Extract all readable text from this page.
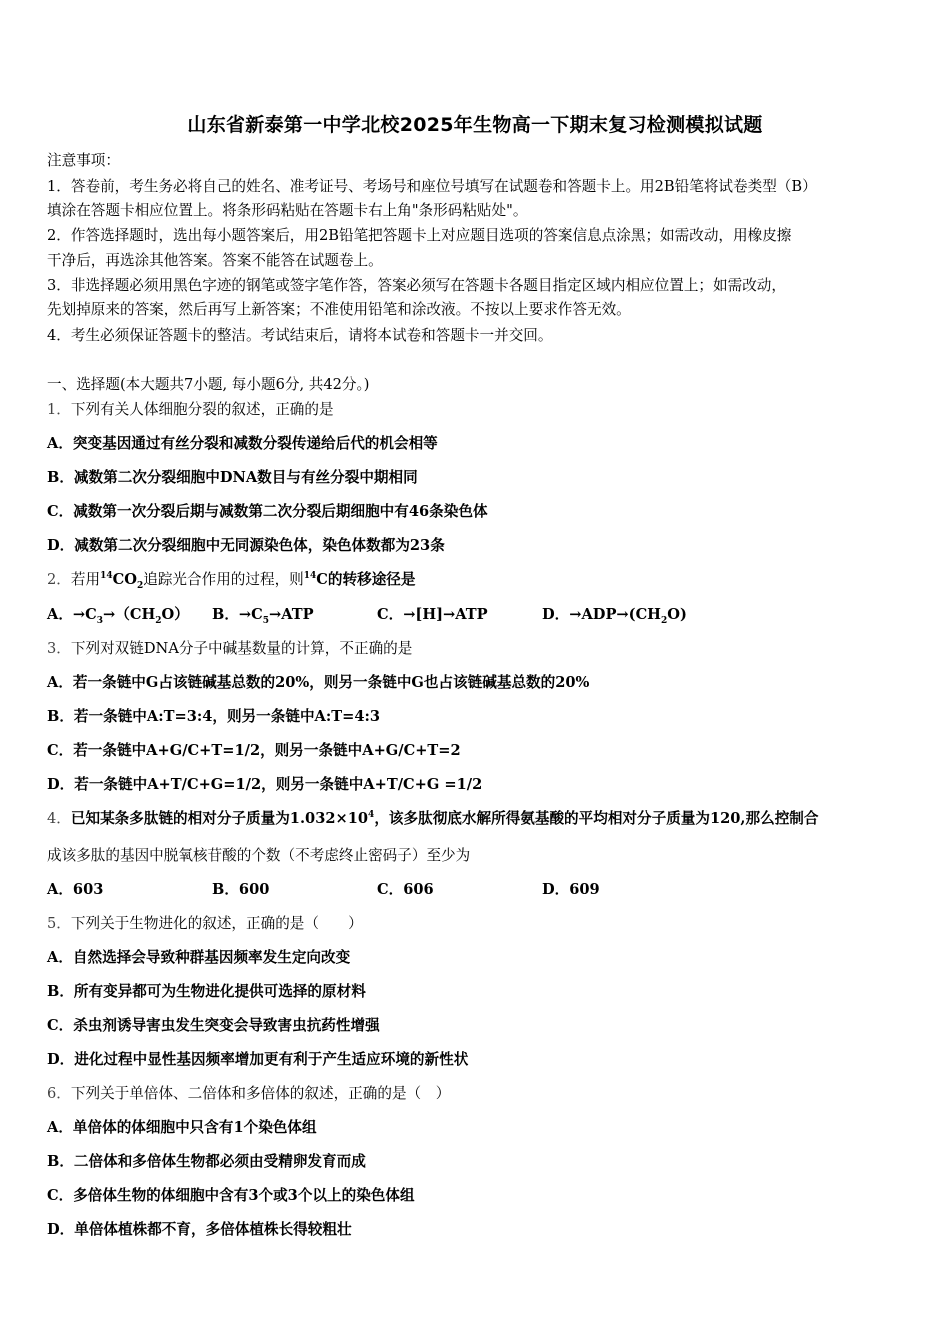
山东省新泰第一中学北校2025年生物高一下期末复习检测模拟试题
注意事项：
1．答卷前，考生务必将自己的姓名、准考证号、考场号和座位号填写在试题卷和答题卡上。用2B铅笔将试卷类型（B）
填涂在答题卡相应位置上。将条形码粘贴在答题卡右上角"条形码粘贴处"。
2．作答选择题时，选出每小题答案后，用2B铅笔把答题卡上对应题目选项的答案信息点涂黑；如需改动，用橡皮擦
干净后，再选涂其他答案。答案不能答在试题卷上。
3．非选择题必须用黑色字迹的钢笔或签字笔作答，答案必须写在答题卡各题目指定区域内相应位置上；如需改动，
先划掉原来的答案，然后再写上新答案；不准使用铅笔和涂改液。不按以上要求作答无效。
4．考生必须保证答题卡的整洁。考试结束后，请将本试卷和答题卡一并交回。
一、选择题(本大题共7小题, 每小题6分, 共42分。)
1．下列有关人体细胞分裂的叙述，正确的是
A．突变基因通过有丝分裂和减数分裂传递给后代的机会相等
B．减数第二次分裂细胞中DNA数目与有丝分裂中期相同
C．减数第一次分裂后期与减数第二次分裂后期细胞中有46条染色体
D．减数第二次分裂细胞中无同源染色体，染色体数都为23条
2．若用$^{14}CO_2$追踪光合作用的过程，则$^{14}$C的转移途径是
A．$\to C_3\to(CH_2O)$ B．$\to C_5\to ATP$	C．→[H]→ATP	D．$\to ADP\to(CH_2O)$
3．下列对双链DNA分子中碱基数量的计算，不正确的是
A．若一条链中G占该链碱基总数的20%，则另一条链中G也占该链碱基总数的20%
B．若一条链中A:T=3:4，则另一条链中A:T=4:3
C．若一条链中A+G/C+T=1/2，则另一条链中A+G/C+T=2
D．若一条链中A+T/C+G=1/2，则另一条链中A+T/C+G =1/2
4．已知某条多肽链的相对分子质量为$1.032\times 10^4$，该多肽彻底水解所得氨基酸的平均相对分子质量为120,那么控制合
成该多肽的基因中脱氧核苷酸的个数（不考虑终止密码子）至少为
A．603	B．600	C．606	D．609
5．下列关于生物进化的叙述，正确的是（　　）
A．自然选择会导致种群基因频率发生定向改变
B．所有变异都可为生物进化提供可选择的原材料
C．杀虫剂诱导害虫发生突变会导致害虫抗药性增强
D．进化过程中显性基因频率增加更有利于产生适应环境的新性状
6．下列关于单倍体、二倍体和多倍体的叙述，正确的是（　）
A．单倍体的体细胞中只含有1个染色体组
B．二倍体和多倍体生物都必须由受精卵发育而成
C．多倍体生物的体细胞中含有3个或3个以上的染色体组
D．单倍体植株都不育，多倍体植株长得较粗壮
